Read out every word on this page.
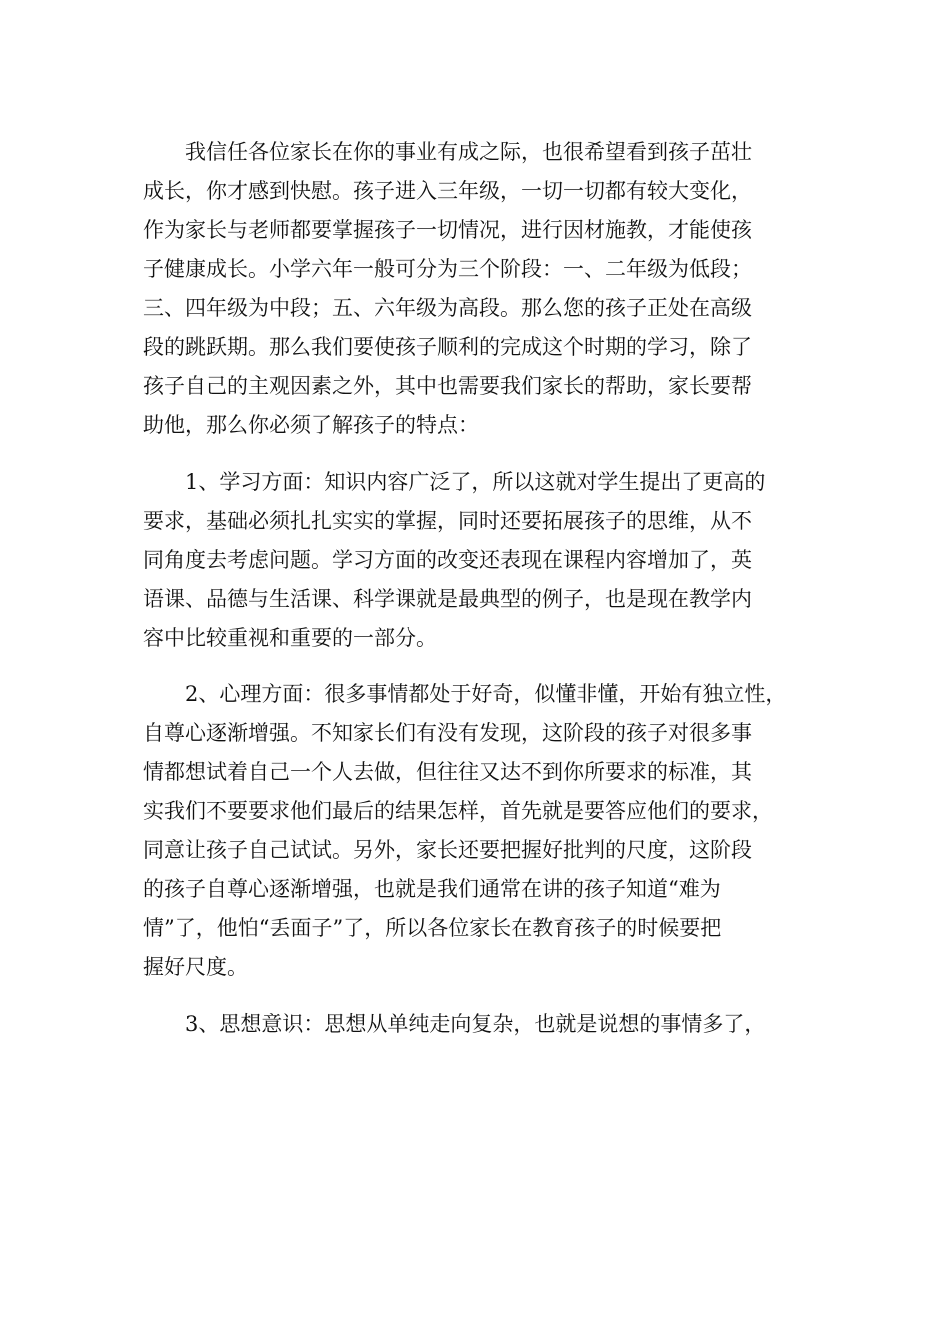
我信任各位家长在你的事业有成之际，也很希望看到孩子茁壮
成长，你才感到快慰。孩子进入三年级，一切一切都有较大变化，
作为家长与老师都要掌握孩子一切情况，进行因材施教，才能使孩
子健康成长。小学六年一般可分为三个阶段：一、二年级为低段；
三、四年级为中段；五、六年级为高段。那么您的孩子正处在高级
段的跳跃期。那么我们要使孩子顺利的完成这个时期的学习，除了
孩子自己的主观因素之外，其中也需要我们家长的帮助，家长要帮
助他，那么你必须了解孩子的特点：

1、学习方面：知识内容广泛了，所以这就对学生提出了更高的
要求，基础必须扎扎实实的掌握，同时还要拓展孩子的思维，从不
同角度去考虑问题。学习方面的改变还表现在课程内容增加了，英
语课、品德与生活课、科学课就是最典型的例子，也是现在教学内
容中比较重视和重要的一部分。

2、心理方面：很多事情都处于好奇，似懂非懂，开始有独立性，
自尊心逐渐增强。不知家长们有没有发现，这阶段的孩子对很多事
情都想试着自己一个人去做，但往往又达不到你所要求的标准，其
实我们不要要求他们最后的结果怎样，首先就是要答应他们的要求，
同意让孩子自己试试。另外，家长还要把握好批判的尺度，这阶段
的孩子自尊心逐渐增强，也就是我们通常在讲的孩子知道“难为
情”了，他怕“丢面子”了，所以各位家长在教育孩子的时候要把
握好尺度。

3、思想意识：思想从单纯走向复杂，也就是说想的事情多了，
